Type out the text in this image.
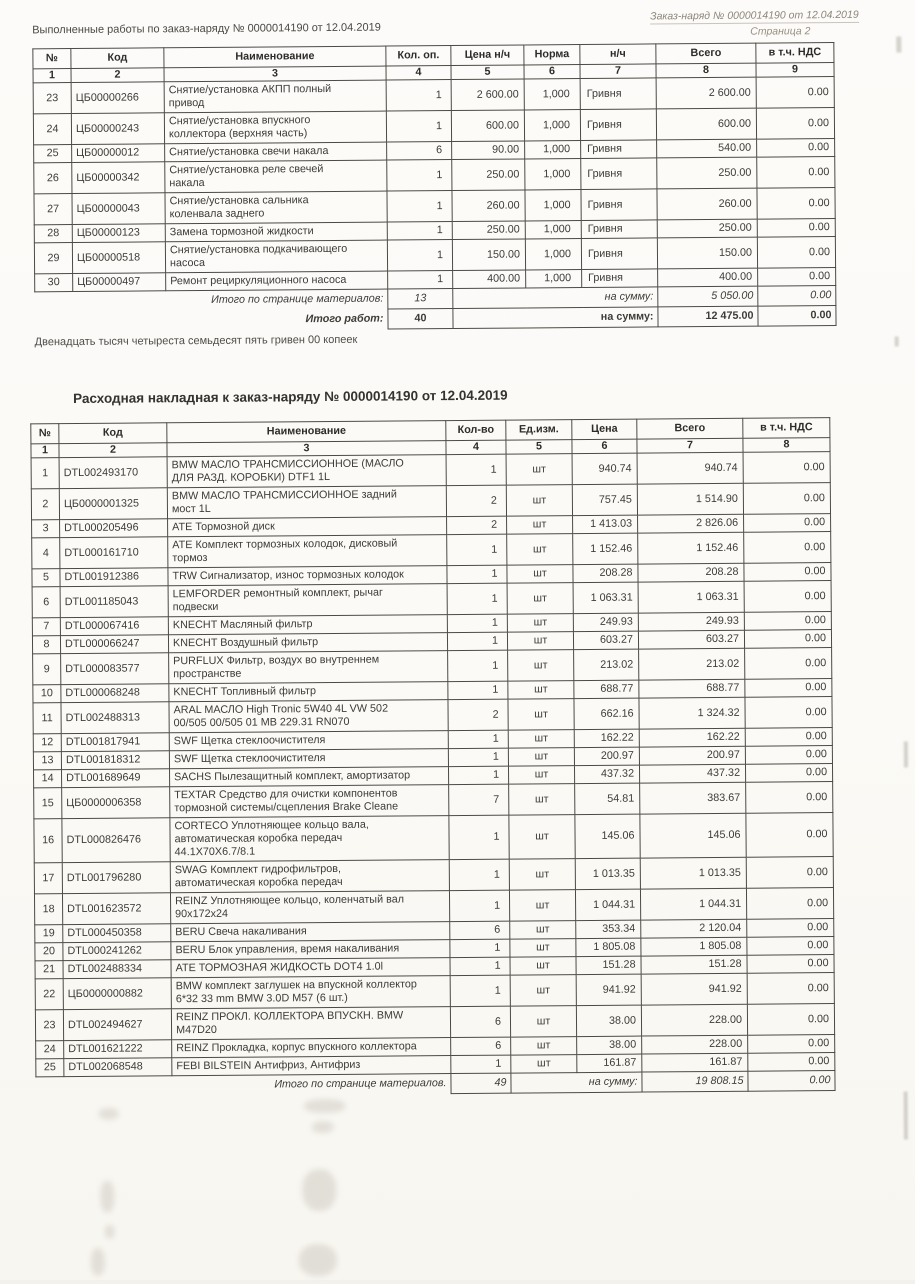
Выполненные работы по заказ-наряду № 0000014190 от 12.04.2019
Заказ-наряд № 0000014190 от 12.04.2019
Страница 2
№	Код	Наименование	Кол. оп.	Цена н/ч	Норма	н/ч	Всего	в т.ч. НДС
1	2	3	4	5	6	7	8	9
23	ЦБ00000266	Снятие/установка АКПП полный
привод	1	2 600.00	1,000	Гривня	2 600.00	0.00
24	ЦБ00000243	Снятие/установка впускного
коллектора (верхняя часть)	1	600.00	1,000	Гривня	600.00	0.00
25	ЦБ00000012	Снятие/установка свечи накала	6	90.00	1,000	Гривня	540.00	0.00
26	ЦБ00000342	Снятие/установка реле свечей
накала	1	250.00	1,000	Гривня	250.00	0.00
27	ЦБ00000043	Снятие/установка сальника
коленвала заднего	1	260.00	1,000	Гривня	260.00	0.00
28	ЦБ00000123	Замена тормозной жидкости	1	250.00	1,000	Гривня	250.00	0.00
29	ЦБ00000518	Снятие/установка подкачивающего
насоса	1	150.00	1,000	Гривня	150.00	0.00
30	ЦБ00000497	Ремонт рециркуляционного насоса	1	400.00	1,000	Гривня	400.00	0.00
Итого по странице материалов:			13	на сумму:			5 050.00	0.00
Итого работ:			40	на сумму:			12 475.00	0.00
Двенадцать тысяч четыреста семьдесят пять гривен 00 копеек
Расходная накладная к заказ-наряду № 0000014190 от 12.04.2019
№	Код	Наименование	Кол-во	Ед.изм.	Цена	Всего	в т.ч. НДС
1	2	3	4	5	6	7	8
1	DTL002493170	BMW МАСЛО ТРАНСМИССИОННОЕ (МАСЛО
ДЛЯ РАЗД. КОРОБКИ) DTF1 1L	1	шт	940.74	940.74	0.00
2	ЦБ0000001325	BMW МАСЛО ТРАНСМИССИОННОЕ задний
мост 1L	2	шт	757.45	1 514.90	0.00
3	DTL000205496	ATE Тормозной диск	2	шт	1 413.03	2 826.06	0.00
4	DTL000161710	ATE Комплект тормозных колодок, дисковый
тормоз	1	шт	1 152.46	1 152.46	0.00
5	DTL001912386	TRW Сигнализатор, износ тормозных колодок	1	шт	208.28	208.28	0.00
6	DTL001185043	LEMFORDER ремонтный комплект, рычаг
подвески	1	шт	1 063.31	1 063.31	0.00
7	DTL000067416	KNECHT Масляный фильтр	1	шт	249.93	249.93	0.00
8	DTL000066247	KNECHT Воздушный фильтр	1	шт	603.27	603.27	0.00
9	DTL000083577	PURFLUX Фильтр, воздух во внутреннем
пространстве	1	шт	213.02	213.02	0.00
10	DTL000068248	KNECHT Топливный фильтр	1	шт	688.77	688.77	0.00
11	DTL002488313	ARAL МАСЛО High Tronic 5W40 4L VW 502
00/505 00/505 01 MB 229.31 RN070	2	шт	662.16	1 324.32	0.00
12	DTL001817941	SWF Щетка стеклоочистителя	1	шт	162.22	162.22	0.00
13	DTL001818312	SWF Щетка стеклоочистителя	1	шт	200.97	200.97	0.00
14	DTL001689649	SACHS Пылезащитный комплект, амортизатор	1	шт	437.32	437.32	0.00
15	ЦБ0000006358	TEXTAR Средство для очистки компонентов
тормозной системы/сцепления Brake Cleane	7	шт	54.81	383.67	0.00
16	DTL000826476	CORTECO Уплотняющее кольцо вала,
автоматическая коробка передач
44.1X70X6.7/8.1	1	шт	145.06	145.06	0.00
17	DTL001796280	SWAG Комплект гидрофильтров,
автоматическая коробка передач	1	шт	1 013.35	1 013.35	0.00
18	DTL001623572	REINZ Уплотняющее кольцо, коленчатый вал
90x172x24	1	шт	1 044.31	1 044.31	0.00
19	DTL000450358	BERU Свеча накаливания	6	шт	353.34	2 120.04	0.00
20	DTL000241262	BERU Блок управления, время накаливания	1	шт	1 805.08	1 805.08	0.00
21	DTL002488334	ATE ТОРМОЗНАЯ ЖИДКОСТЬ DOT4 1.0l	1	шт	151.28	151.28	0.00
22	ЦБ0000000882	BMW комплект заглушек на впускной коллектор
6*32 33 mm BMW 3.0D M57 (6 шт.)	1	шт	941.92	941.92	0.00
23	DTL002494627	REINZ ПРОКЛ. КОЛЛЕКТОРА ВПУСКН. BMW
M47D20	6	шт	38.00	228.00	0.00
24	DTL001621222	REINZ Прокладка, корпус впускного коллектора	6	шт	38.00	228.00	0.00
25	DTL002068548	FEBI BILSTEIN Антифриз, Антифриз	1	шт	161.87	161.87	0.00
Итого по странице материалов.			49	на сумму:		19 808.15	0.00
